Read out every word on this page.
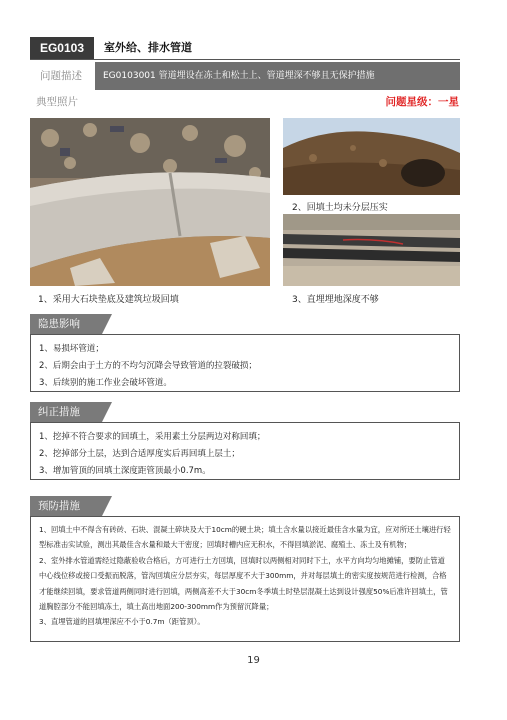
EG0103	室外给、排水管道
问题描述	EG0103001 管道埋设在冻土和松土上、管道埋深不够且无保护措施
典型照片	问题星级：一星
1、采用大石块垫底及建筑垃圾回填
2、回填土均未分层压实
3、直埋埋地深度不够
隐患影响
1、易损坏管道；
2、后期会由于土方的不均匀沉降会导致管道的拉裂破损；
3、后续别的施工作业会破坏管道。
纠正措施
1、挖掉不符合要求的回填土，采用素土分层两边对称回填；
2、挖掉部分土层，达到合适厚度实后再回填上层土；
3、增加管顶的回填土深度距管顶最小0.7m。
预防措施
1、回填土中不得含有砖砖、石块、混凝土碎块及大于10cm的硬土块；填土含水量以接近最佳含水量为宜，应对所还土壤进行轻型标准击实试验，测出其最佳含水量和最大干密度；回填时槽内应无积水，不得回填淤泥、腐殖土、冻土及有机物；
2、室外排水管道需经过隐蔽验收合格后，方可进行土方回填，回填时以两侧相对同时下土，水平方向均匀地摊铺，要防止管道中心线位移或接口受振而脱落，管沟回填应分层夯实，每层厚度不大于300mm，并对每层填土的密实度按规范进行检测，合格才能继续回填，要求管道两侧同时进行回填，两侧高差不大于30cm冬季填土时垫层混凝土达到设计强度50%后准许回填土，管道胸腔部分不能回填冻土，填土高出地面200-300mm作为预留沉降量；
3、直埋管道的回填埋深应不小于0.7m（距管顶）。
19
